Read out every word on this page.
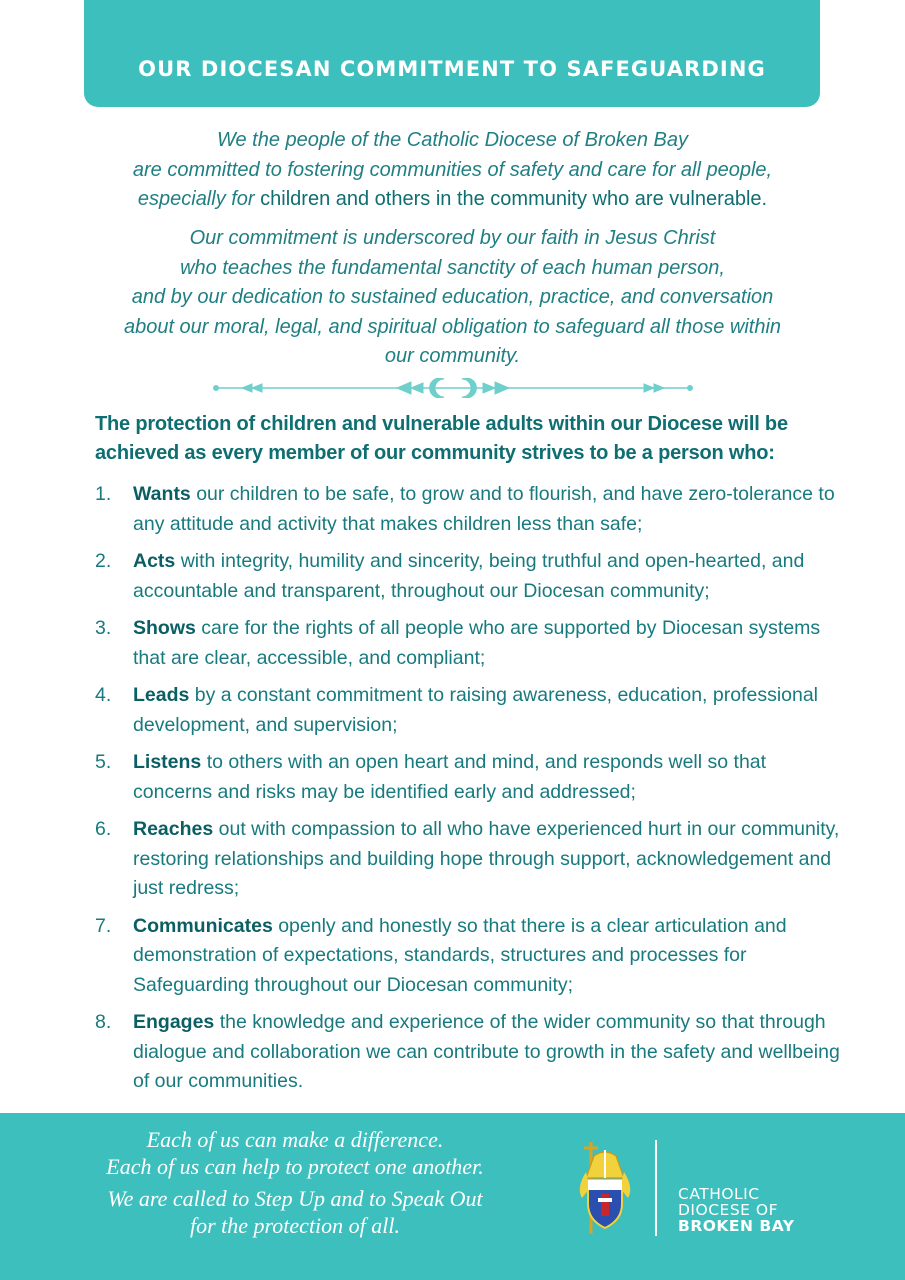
OUR DIOCESAN COMMITMENT TO SAFEGUARDING
We the people of the Catholic Diocese of Broken Bay
are committed to fostering communities of safety and care for all people,
especially for children and others in the community who are vulnerable.
Our commitment is underscored by our faith in Jesus Christ
who teaches the fundamental sanctity of each human person,
and by our dedication to sustained education, practice, and conversation
about our moral, legal, and spiritual obligation to safeguard all those within
our community.
The protection of children and vulnerable adults within our Diocese will be
achieved as every member of our community strives to be a person who:
1. Wants our children to be safe, to grow and to flourish, and have zero-tolerance to any attitude and activity that makes children less than safe;
2. Acts with integrity, humility and sincerity, being truthful and open-hearted, and accountable and transparent, throughout our Diocesan community;
3. Shows care for the rights of all people who are supported by Diocesan systems that are clear, accessible, and compliant;
4. Leads by a constant commitment to raising awareness, education, professional development, and supervision;
5. Listens to others with an open heart and mind, and responds well so that concerns and risks may be identified early and addressed;
6. Reaches out with compassion to all who have experienced hurt in our community, restoring relationships and building hope through support, acknowledgement and just redress;
7. Communicates openly and honestly so that there is a clear articulation and demonstration of expectations, standards, structures and processes for Safeguarding throughout our Diocesan community;
8. Engages the knowledge and experience of the wider community so that through dialogue and collaboration we can contribute to growth in the safety and wellbeing of our communities.
Each of us can make a difference.
Each of us can help to protect one another.
We are called to Step Up and to Speak Out
for the protection of all.
CATHOLIC
DIOCESE OF
BROKEN BAY
